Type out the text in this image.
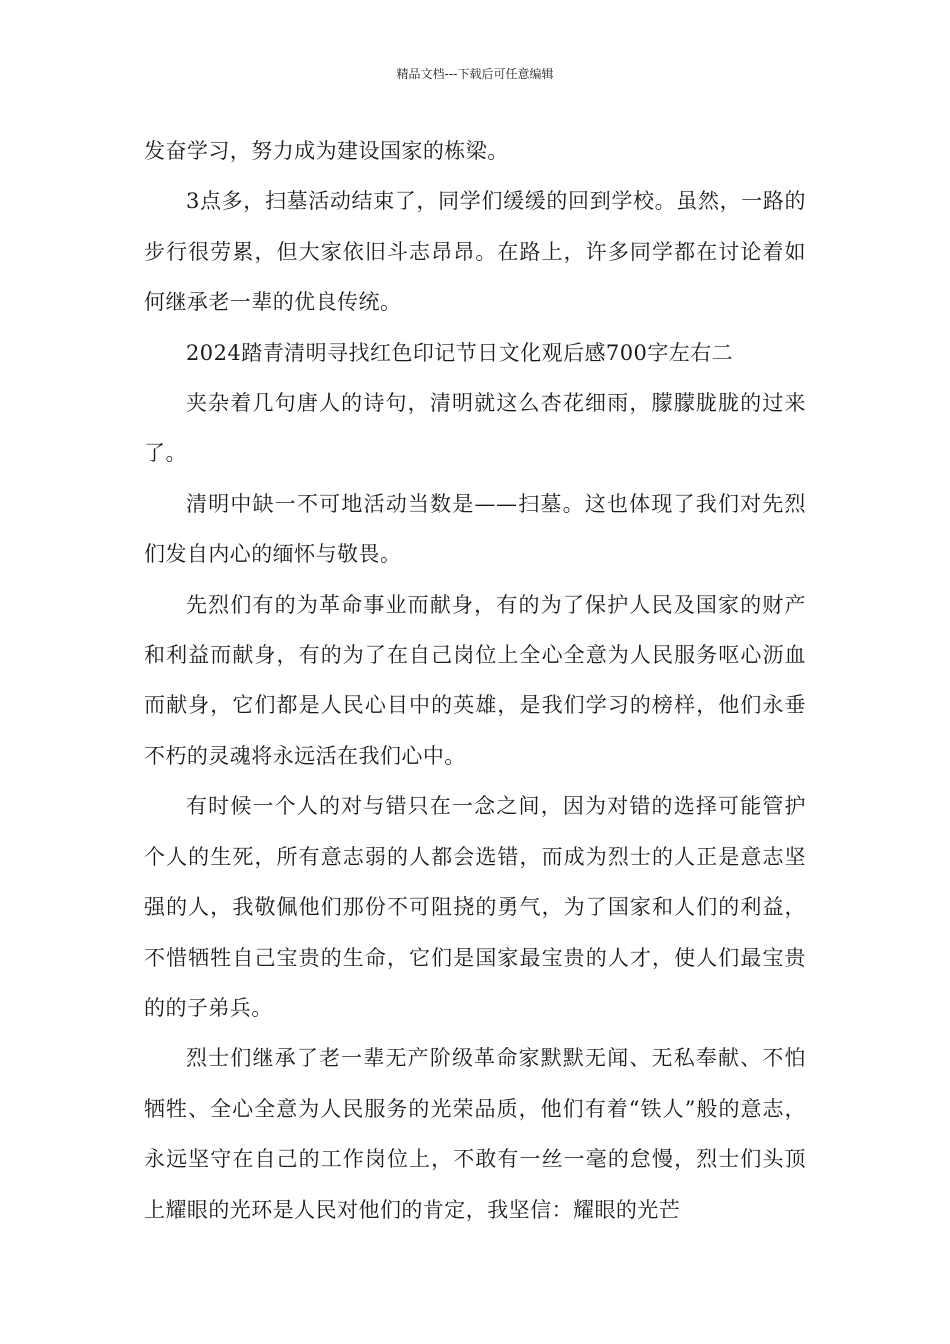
精品文档---下载后可任意编辑

发奋学习，努力成为建设国家的栋梁。

3点多，扫墓活动结束了，同学们缓缓的回到学校。虽然，一路的步行很劳累，但大家依旧斗志昂昂。在路上，许多同学都在讨论着如何继承老一辈的优良传统。

2024踏青清明寻找红色印记节日文化观后感700字左右二

夹杂着几句唐人的诗句，清明就这么杏花细雨，朦朦胧胧的过来了。

清明中缺一不可地活动当数是——扫墓。这也体现了我们对先烈们发自内心的缅怀与敬畏。

先烈们有的为革命事业而献身，有的为了保护人民及国家的财产和利益而献身，有的为了在自己岗位上全心全意为人民服务呕心沥血而献身，它们都是人民心目中的英雄，是我们学习的榜样，他们永垂不朽的灵魂将永远活在我们心中。

有时候一个人的对与错只在一念之间，因为对错的选择可能管护个人的生死，所有意志弱的人都会选错，而成为烈士的人正是意志坚强的人，我敬佩他们那份不可阻挠的勇气，为了国家和人们的利益，不惜牺牲自己宝贵的生命，它们是国家最宝贵的人才，使人们最宝贵的的子弟兵。

烈士们继承了老一辈无产阶级革命家默默无闻、无私奉献、不怕牺牲、全心全意为人民服务的光荣品质，他们有着“铁人”般的意志，永远坚守在自己的工作岗位上，不敢有一丝一毫的怠慢，烈士们头顶上耀眼的光环是人民对他们的肯定，我坚信：耀眼的光芒
